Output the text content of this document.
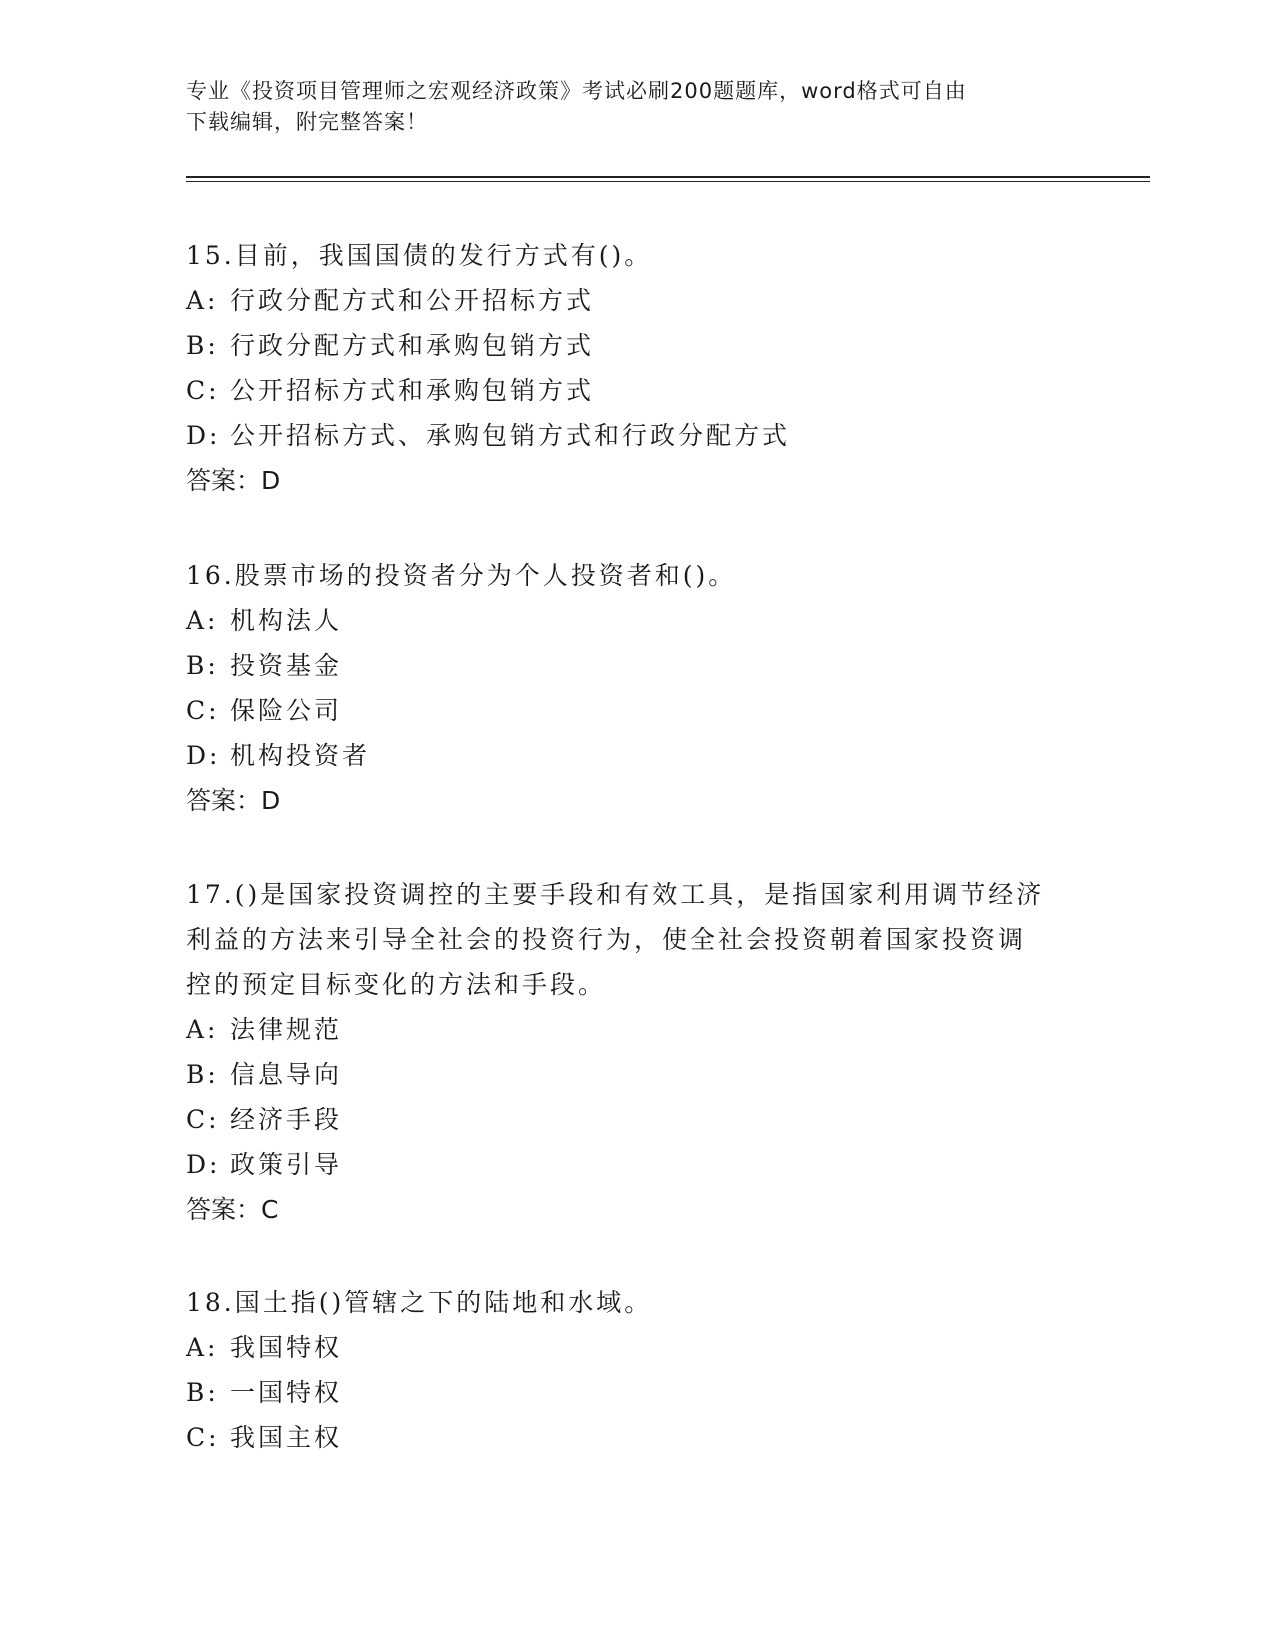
专业《投资项目管理师之宏观经济政策》考试必刷200题题库，word格式可自由
下载编辑，附完整答案！

15.目前，我国国债的发行方式有()。

A: 行政分配方式和公开招标方式

B: 行政分配方式和承购包销方式

C: 公开招标方式和承购包销方式

D: 公开招标方式、承购包销方式和行政分配方式

答案：D

16.股票市场的投资者分为个人投资者和()。

A: 机构法人

B: 投资基金

C: 保险公司

D: 机构投资者

答案：D

17.()是国家投资调控的主要手段和有效工具，是指国家利用调节经济

利益的方法来引导全社会的投资行为，使全社会投资朝着国家投资调

控的预定目标变化的方法和手段。

A: 法律规范

B: 信息导向

C: 经济手段

D: 政策引导

答案：C

18.国土指()管辖之下的陆地和水域。

A: 我国特权

B: 一国特权

C: 我国主权
